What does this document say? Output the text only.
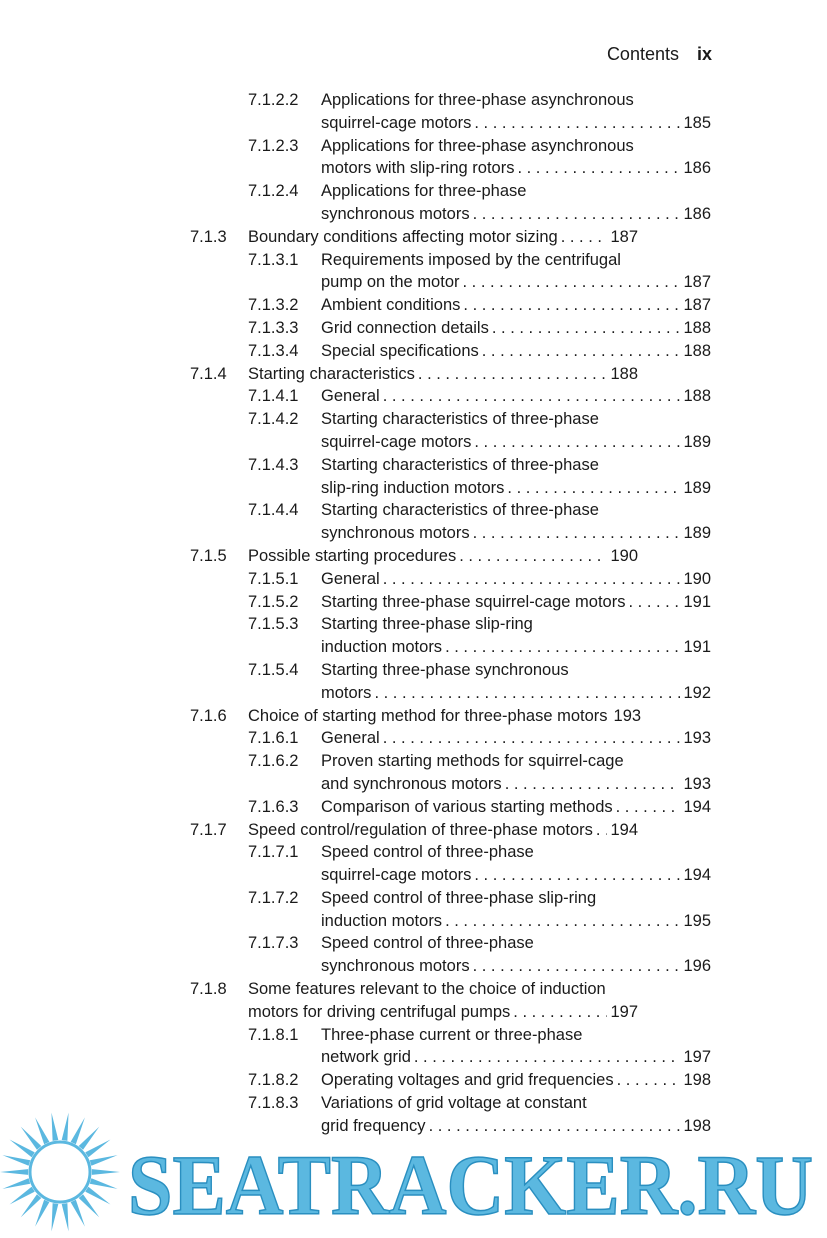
Contents ix
7.1.2.2 Applications for three-phase asynchronous
squirrel-cage motors . . .	185
7.1.2.3 Applications for three-phase asynchronous
motors with slip-ring rotors . . .	186
7.1.2.4 Applications for three-phase
synchronous motors . . .	186
7.1.3 Boundary conditions affecting motor sizing . . .	187
7.1.3.1 Requirements imposed by the centrifugal
pump on the motor . . .	187
7.1.3.2 Ambient conditions . . .	187
7.1.3.3 Grid connection details . . .	188
7.1.3.4 Special specifications . . .	188
7.1.4 Starting characteristics . . .	188
7.1.4.1 General . . .	188
7.1.4.2 Starting characteristics of three-phase
squirrel-cage motors . . .	189
7.1.4.3 Starting characteristics of three-phase
slip-ring induction motors . . .	189
7.1.4.4 Starting characteristics of three-phase
synchronous motors . . .	189
7.1.5 Possible starting procedures . . .	190
7.1.5.1 General . . .	190
7.1.5.2 Starting three-phase squirrel-cage motors . . .	191
7.1.5.3 Starting three-phase slip-ring
induction motors . . .	191
7.1.5.4 Starting three-phase synchronous
motors . . .	192
7.1.6 Choice of starting method for three-phase motors 193
7.1.6.1 General . . .	193
7.1.6.2 Proven starting methods for squirrel-cage
and synchronous motors . . .	193
7.1.6.3 Comparison of various starting methods . . .	194
7.1.7 Speed control/regulation of three-phase motors . . . 194
7.1.7.1 Speed control of three-phase
squirrel-cage motors . . .	194
7.1.7.2 Speed control of three-phase slip-ring
induction motors . . .	195
7.1.7.3 Speed control of three-phase
synchronous motors . . .	196
7.1.8 Some features relevant to the choice of induction
motors for driving centrifugal pumps . . .	197
7.1.8.1 Three-phase current or three-phase
network grid . . .	197
7.1.8.2 Operating voltages and grid frequencies . . .	198
7.1.8.3 Variations of grid voltage at constant
grid frequency . . .	198
SEATRACKER.RU
